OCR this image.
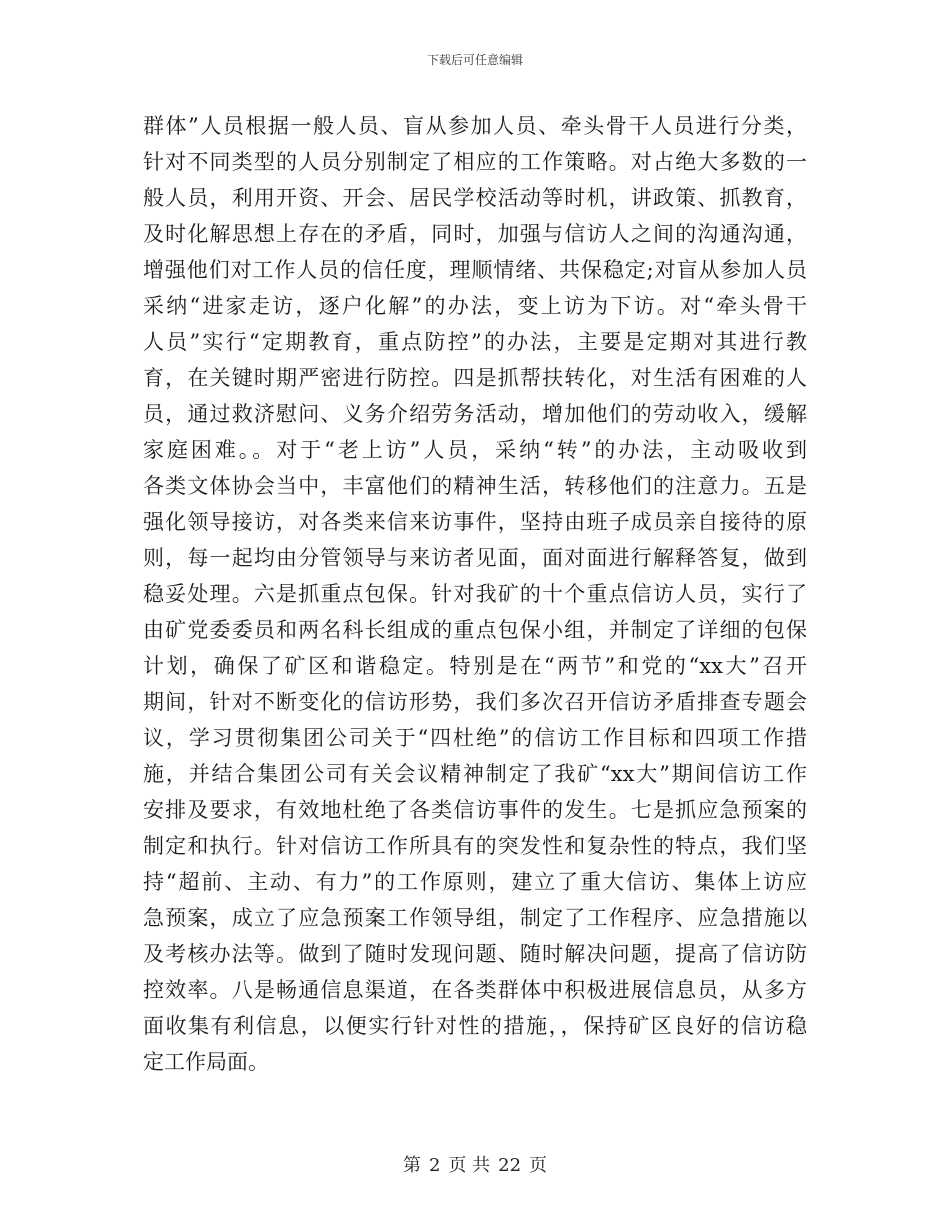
下载后可任意编辑
群体”人员根据一般人员、盲从参加人员、牵头骨干人员进行分类，
针对不同类型的人员分别制定了相应的工作策略。对占绝大多数的一
般人员，利用开资、开会、居民学校活动等时机，讲政策、抓教育，
及时化解思想上存在的矛盾，同时，加强与信访人之间的沟通沟通，
增强他们对工作人员的信任度，理顺情绪、共保稳定;对盲从参加人员
采纳“进家走访，逐户化解”的办法，变上访为下访。对“牵头骨干
人员”实行“定期教育，重点防控”的办法，主要是定期对其进行教
育，在关键时期严密进行防控。四是抓帮扶转化，对生活有困难的人
员，通过救济慰问、义务介绍劳务活动，增加他们的劳动收入，缓解
家庭困难。。对于“老上访”人员，采纳“转”的办法，主动吸收到
各类文体协会当中，丰富他们的精神生活，转移他们的注意力。五是
强化领导接访，对各类来信来访事件，坚持由班子成员亲自接待的原
则，每一起均由分管领导与来访者见面，面对面进行解释答复，做到
稳妥处理。六是抓重点包保。针对我矿的十个重点信访人员，实行了
由矿党委委员和两名科长组成的重点包保小组，并制定了详细的包保
计划，确保了矿区和谐稳定。特别是在“两节”和党的“xx大”召开
期间，针对不断变化的信访形势，我们多次召开信访矛盾排查专题会
议，学习贯彻集团公司关于“四杜绝”的信访工作目标和四项工作措
施，并结合集团公司有关会议精神制定了我矿“xx大”期间信访工作
安排及要求，有效地杜绝了各类信访事件的发生。七是抓应急预案的
制定和执行。针对信访工作所具有的突发性和复杂性的特点，我们坚
持“超前、主动、有力”的工作原则，建立了重大信访、集体上访应
急预案，成立了应急预案工作领导组，制定了工作程序、应急措施以
及考核办法等。做到了随时发现问题、随时解决问题，提高了信访防
控效率。八是畅通信息渠道，在各类群体中积极进展信息员，从多方
面收集有利信息，以便实行针对性的措施，，保持矿区良好的信访稳
定工作局面。
第 2 页 共 22 页
